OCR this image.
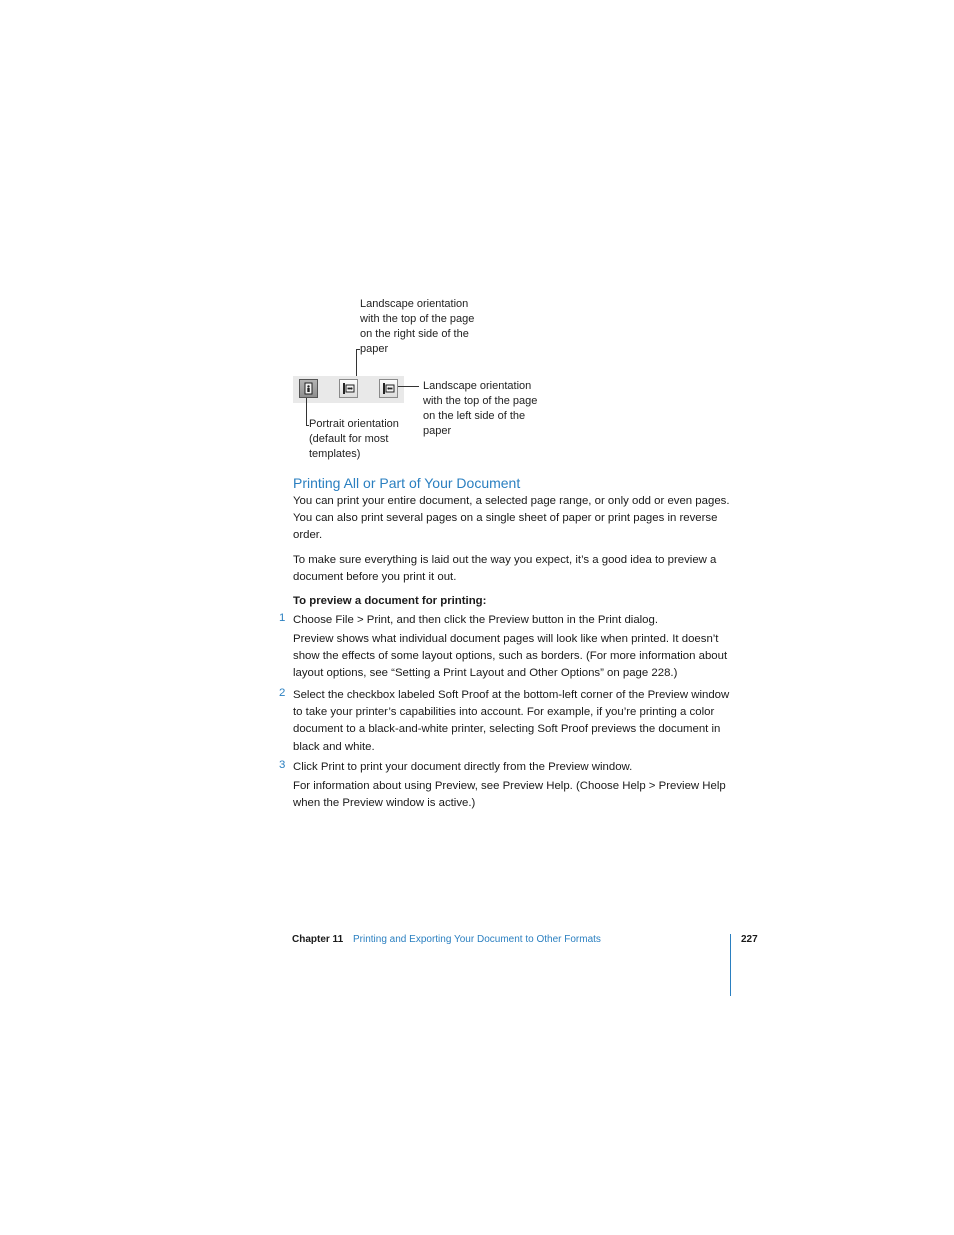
Landscape orientation
with the top of the page
on the right side of the
paper
Landscape orientation
with the top of the page
on the left side of the
paper
Portrait orientation
(default for most
templates)
Printing All or Part of Your Document
You can print your entire document, a selected page range, or only odd or even pages. You can also print several pages on a single sheet of paper or print pages in reverse order.
To make sure everything is laid out the way you expect, it’s a good idea to preview a document before you print it out.
To preview a document for printing:
1 Choose File > Print, and then click the Preview button in the Print dialog.
Preview shows what individual document pages will look like when printed. It doesn’t show the effects of some layout options, such as borders. (For more information about layout options, see “Setting a Print Layout and Other Options” on page 228.)
2 Select the checkbox labeled Soft Proof at the bottom-left corner of the Preview window to take your printer’s capabilities into account. For example, if you’re printing a color document to a black-and-white printer, selecting Soft Proof previews the document in black and white.
3 Click Print to print your document directly from the Preview window.
For information about using Preview, see Preview Help. (Choose Help > Preview Help when the Preview window is active.)
Chapter 11 Printing and Exporting Your Document to Other Formats	227
